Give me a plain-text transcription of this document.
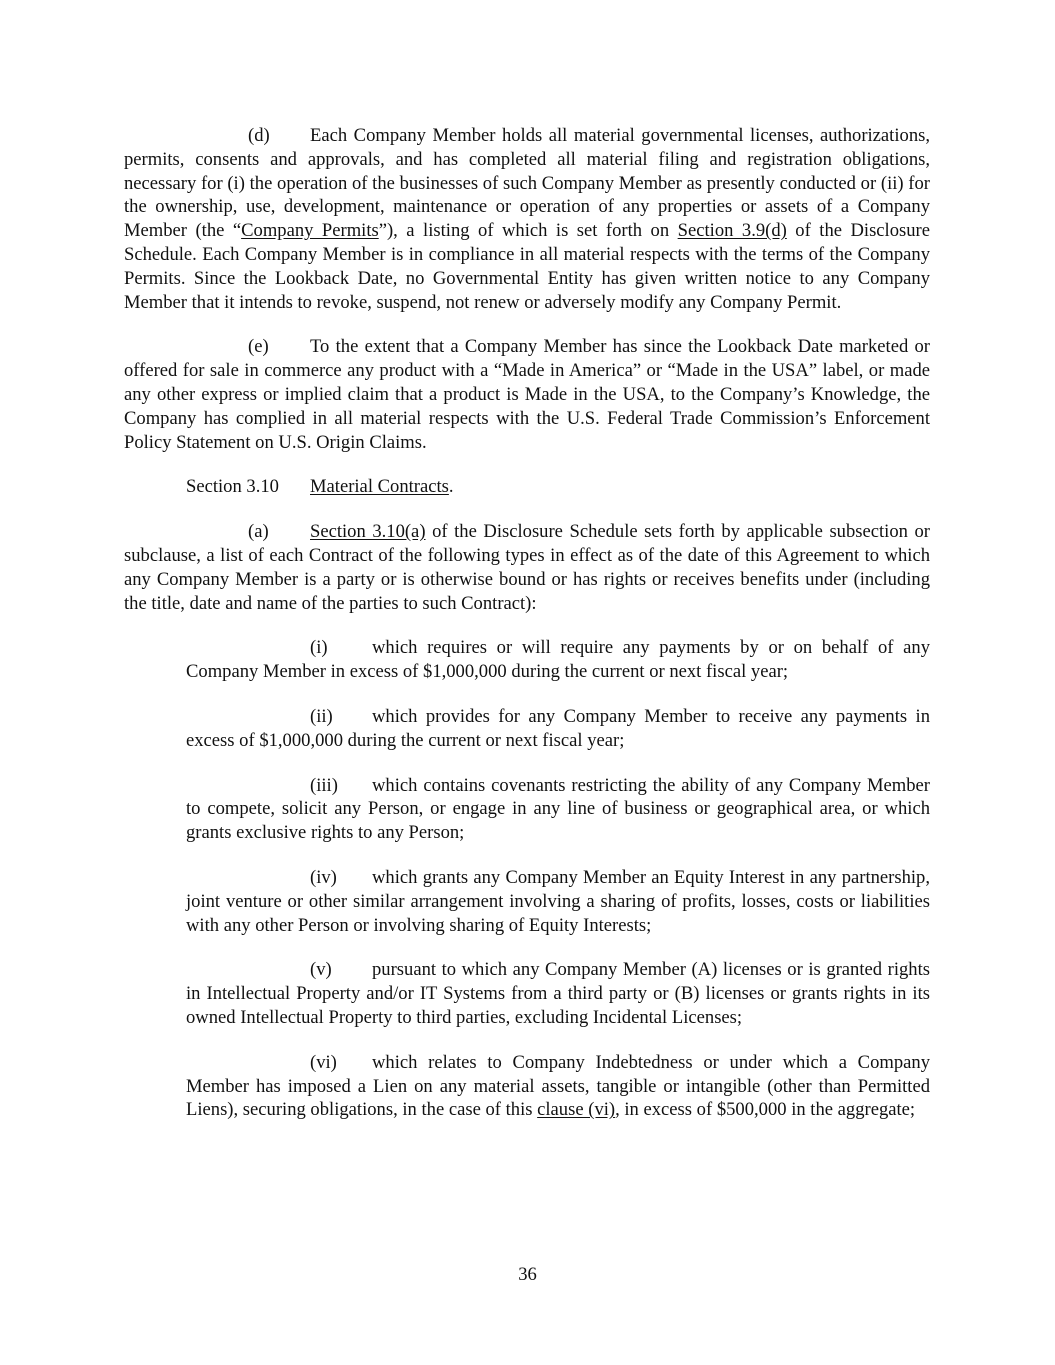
(d) Each Company Member holds all material governmental licenses, authorizations, permits, consents and approvals, and has completed all material filing and registration obligations, necessary for (i) the operation of the businesses of such Company Member as presently conducted or (ii) for the ownership, use, development, maintenance or operation of any properties or assets of a Company Member (the “Company Permits”), a listing of which is set forth on Section 3.9(d) of the Disclosure Schedule. Each Company Member is in compliance in all material respects with the terms of the Company Permits. Since the Lookback Date, no Governmental Entity has given written notice to any Company Member that it intends to revoke, suspend, not renew or adversely modify any Company Permit.

(e) To the extent that a Company Member has since the Lookback Date marketed or offered for sale in commerce any product with a “Made in America” or “Made in the USA” label, or made any other express or implied claim that a product is Made in the USA, to the Company’s Knowledge, the Company has complied in all material respects with the U.S. Federal Trade Commission’s Enforcement Policy Statement on U.S. Origin Claims.

Section 3.10 Material Contracts.

(a) Section 3.10(a) of the Disclosure Schedule sets forth by applicable subsection or subclause, a list of each Contract of the following types in effect as of the date of this Agreement to which any Company Member is a party or is otherwise bound or has rights or receives benefits under (including the title, date and name of the parties to such Contract):

(i) which requires or will require any payments by or on behalf of any Company Member in excess of $1,000,000 during the current or next fiscal year;

(ii) which provides for any Company Member to receive any payments in excess of $1,000,000 during the current or next fiscal year;

(iii) which contains covenants restricting the ability of any Company Member to compete, solicit any Person, or engage in any line of business or geographical area, or which grants exclusive rights to any Person;

(iv) which grants any Company Member an Equity Interest in any partnership, joint venture or other similar arrangement involving a sharing of profits, losses, costs or liabilities with any other Person or involving sharing of Equity Interests;

(v) pursuant to which any Company Member (A) licenses or is granted rights in Intellectual Property and/or IT Systems from a third party or (B) licenses or grants rights in its owned Intellectual Property to third parties, excluding Incidental Licenses;

(vi) which relates to Company Indebtedness or under which a Company Member has imposed a Lien on any material assets, tangible or intangible (other than Permitted Liens), securing obligations, in the case of this clause (vi), in excess of $500,000 in the aggregate;

36
